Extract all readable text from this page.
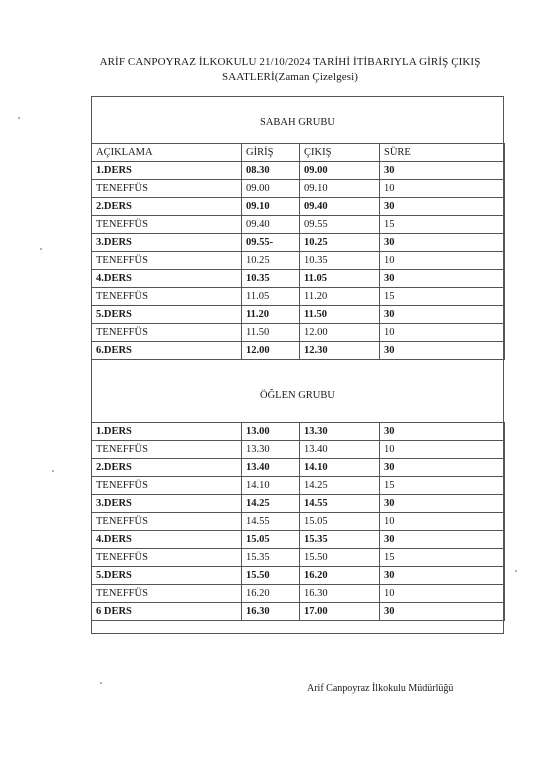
ARİF CANPOYRAZ İLKOKULU 21/10/2024 TARİHİ İTİBARIYLA GİRİŞ ÇIKIŞ
SAATLERİ(Zaman Çizelgesi)
SABAH GRUBU
AÇIKLAMA	GİRİŞ	ÇIKIŞ	SÜRE
1.DERS	08.30	09.00	30
TENEFFÜS	09.00	09.10	10
2.DERS	09.10	09.40	30
TENEFFÜS	09.40	09.55	15
3.DERS	09.55-	10.25	30
TENEFFÜS	10.25	10.35	10
4.DERS	10.35	11.05	30
TENEFFÜS	11.05	11.20	15
5.DERS	11.20	11.50	30
TENEFFÜS	11.50	12.00	10
6.DERS	12.00	12.30	30
ÖĞLEN GRUBU
1.DERS	13.00	13.30	30
TENEFFÜS	13.30	13.40	10
2.DERS	13.40	14.10	30
TENEFFÜS	14.10	14.25	15
3.DERS	14.25	14.55	30
TENEFFÜS	14.55	15.05	10
4.DERS	15.05	15.35	30
TENEFFÜS	15.35	15.50	15
5.DERS	15.50	16.20	30
TENEFFÜS	16.20	16.30	10
6 DERS	16.30	17.00	30
Arif Canpoyraz İlkokulu Müdürlüğü
